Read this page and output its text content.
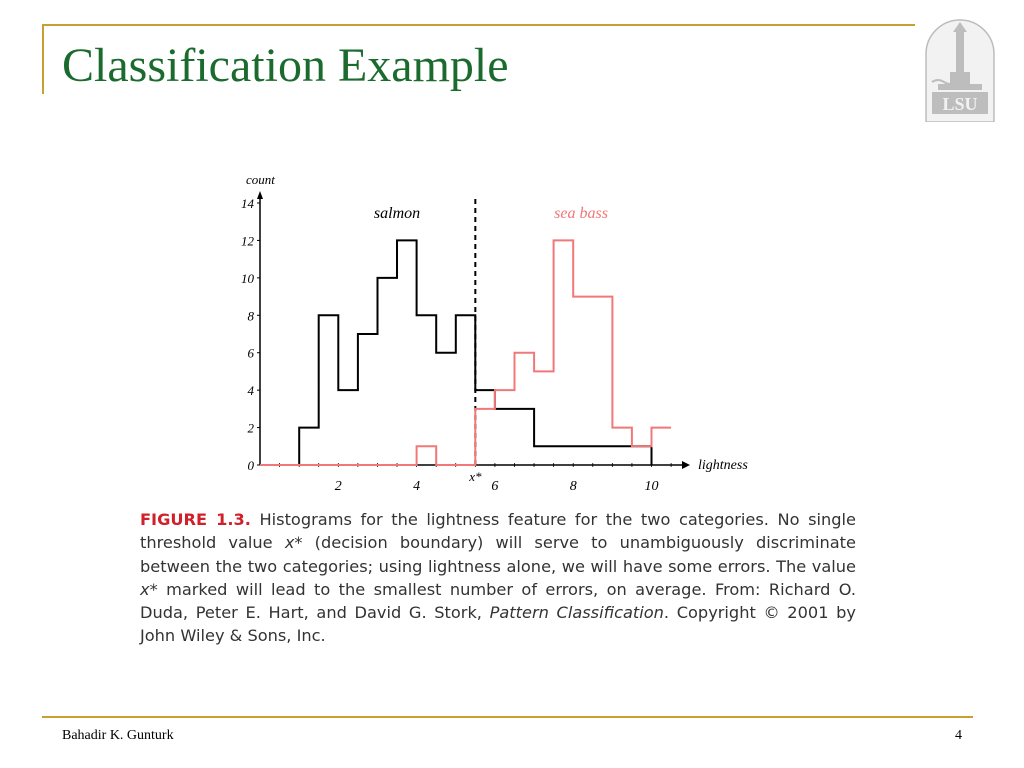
Classification Example
LSU
count
lightness
0
2
4
6
8
10
12
14
2	4	6	8	10
x*
salmon	sea bass

FIGURE 1.3. Histograms for the lightness feature for the two categories. No single threshold value x* (decision boundary) will serve to unambiguously discriminate between the two categories; using lightness alone, we will have some errors. The value x* marked will lead to the smallest number of errors, on average. From: Richard O. Duda, Peter E. Hart, and David G. Stork, Pattern Classification. Copyright © 2001 by John Wiley & Sons, Inc.

Bahadir K. Gunturk	4
